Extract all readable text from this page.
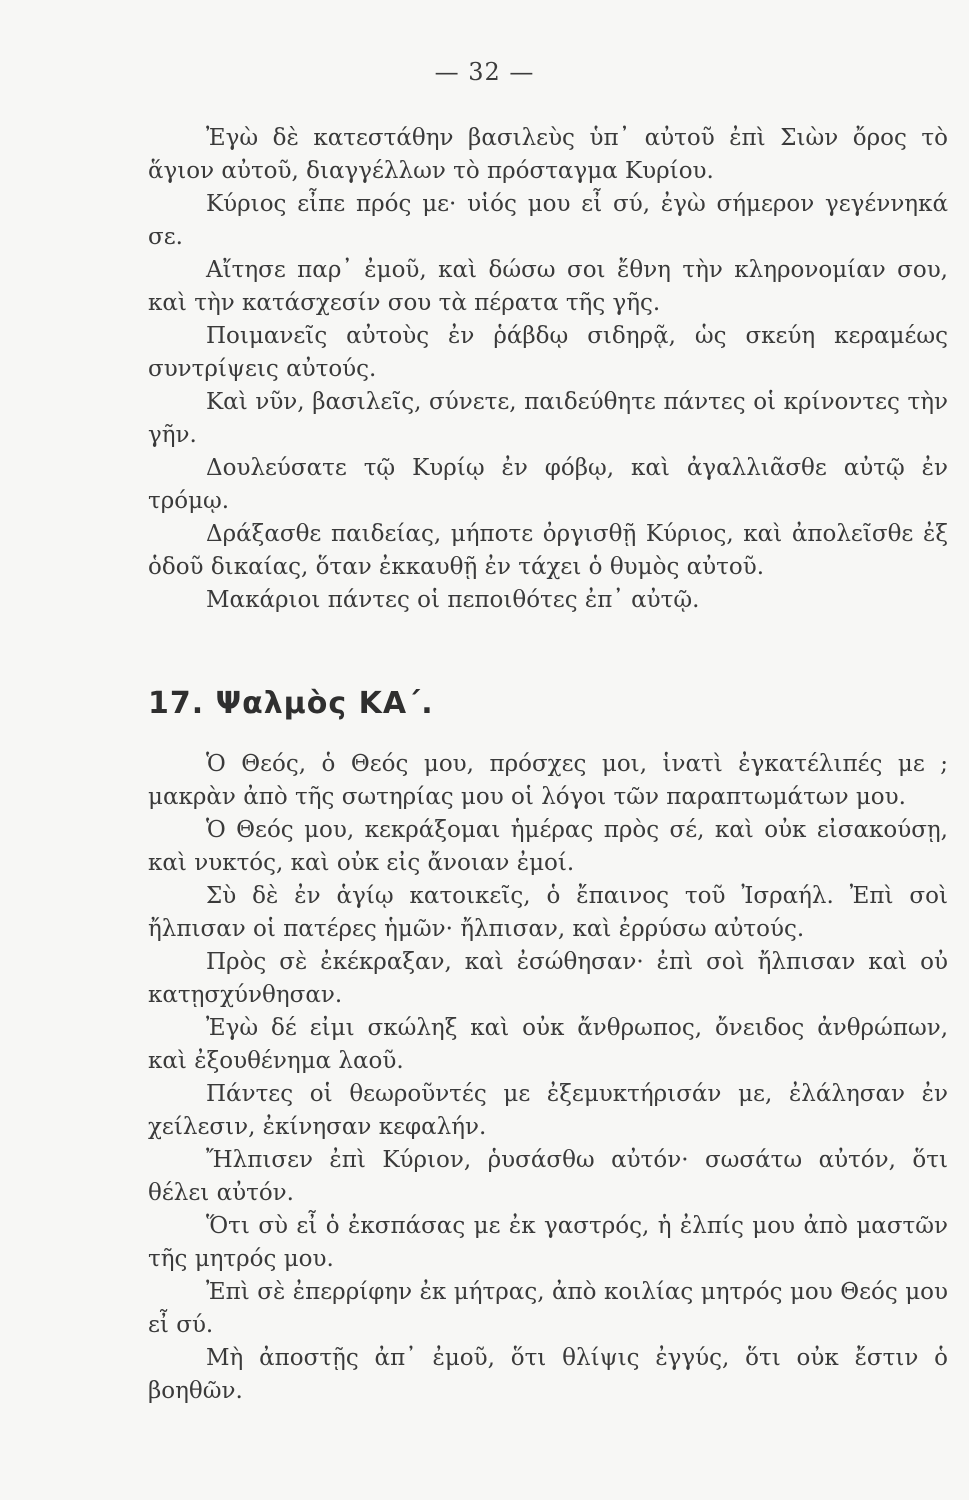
— 32 —

Ἐγὼ δὲ κατεστάθην βασιλεὺς ὑπ᾽ αὐτοῦ ἐπὶ Σιὼν ὄρος τὸ ἅγιον αὐτοῦ, διαγγέλλων τὸ πρόσταγμα Κυρίου.

Κύριος εἶπε πρός με· υἱός μου εἶ σύ, ἐγὼ σήμερον γεγέννηκά σε.

Αἴτησε παρ᾽ ἐμοῦ, καὶ δώσω σοι ἔθνη τὴν κληρονομίαν σου, καὶ τὴν κατάσχεσίν σου τὰ πέρατα τῆς γῆς.

Ποιμανεῖς αὐτοὺς ἐν ῥάβδῳ σιδηρᾷ, ὡς σκεύη κεραμέως συντρίψεις αὐτούς.

Καὶ νῦν, βασιλεῖς, σύνετε, παιδεύθητε πάντες οἱ κρίνοντες τὴν γῆν.

Δουλεύσατε τῷ Κυρίῳ ἐν φόβῳ, καὶ ἀγαλλιᾶσθε αὐτῷ ἐν τρόμῳ.

Δράξασθε παιδείας, μήποτε ὀργισθῇ Κύριος, καὶ ἀπολεῖσθε ἐξ ὁδοῦ δικαίας, ὅταν ἐκκαυθῇ ἐν τάχει ὁ θυμὸς αὐτοῦ.

Μακάριοι πάντες οἱ πεποιθότες ἐπ᾽ αὐτῷ.

17. Ψαλμὸς ΚΑ΄.

Ὁ Θεός, ὁ Θεός μου, πρόσχες μοι, ἱνατὶ ἐγκατέλιπές με ; μακρὰν ἀπὸ τῆς σωτηρίας μου οἱ λόγοι τῶν παραπτωμάτων μου.

Ὁ Θεός μου, κεκράξομαι ἡμέρας πρὸς σέ, καὶ οὐκ εἰσακούσῃ, καὶ νυκτός, καὶ οὐκ εἰς ἄνοιαν ἐμοί.

Σὺ δὲ ἐν ἁγίῳ κατοικεῖς, ὁ ἔπαινος τοῦ Ἰσραήλ. Ἐπὶ σοὶ ἤλπισαν οἱ πατέρες ἡμῶν· ἤλπισαν, καὶ ἐρρύσω αὐτούς.

Πρὸς σὲ ἐκέκραξαν, καὶ ἐσώθησαν· ἐπὶ σοὶ ἤλπισαν καὶ οὐ κατῃσχύνθησαν.

Ἐγὼ δέ εἰμι σκώληξ καὶ οὐκ ἄνθρωπος, ὄνειδος ἀνθρώπων, καὶ ἐξουθένημα λαοῦ.

Πάντες οἱ θεωροῦντές με ἐξεμυκτήρισάν με, ἐλάλησαν ἐν χείλεσιν, ἐκίνησαν κεφαλήν.

Ἤλπισεν ἐπὶ Κύριον, ῥυσάσθω αὐτόν· σωσάτω αὐτόν, ὅτι θέλει αὐτόν.

Ὅτι σὺ εἶ ὁ ἐκσπάσας με ἐκ γαστρός, ἡ ἐλπίς μου ἀπὸ μαστῶν τῆς μητρός μου.

Ἐπὶ σὲ ἐπερρίφην ἐκ μήτρας, ἀπὸ κοιλίας μητρός μου Θεός μου εἶ σύ.

Μὴ ἀποστῇς ἀπ᾽ ἐμοῦ, ὅτι θλίψις ἐγγύς, ὅτι οὐκ ἔστιν ὁ βοηθῶν.
